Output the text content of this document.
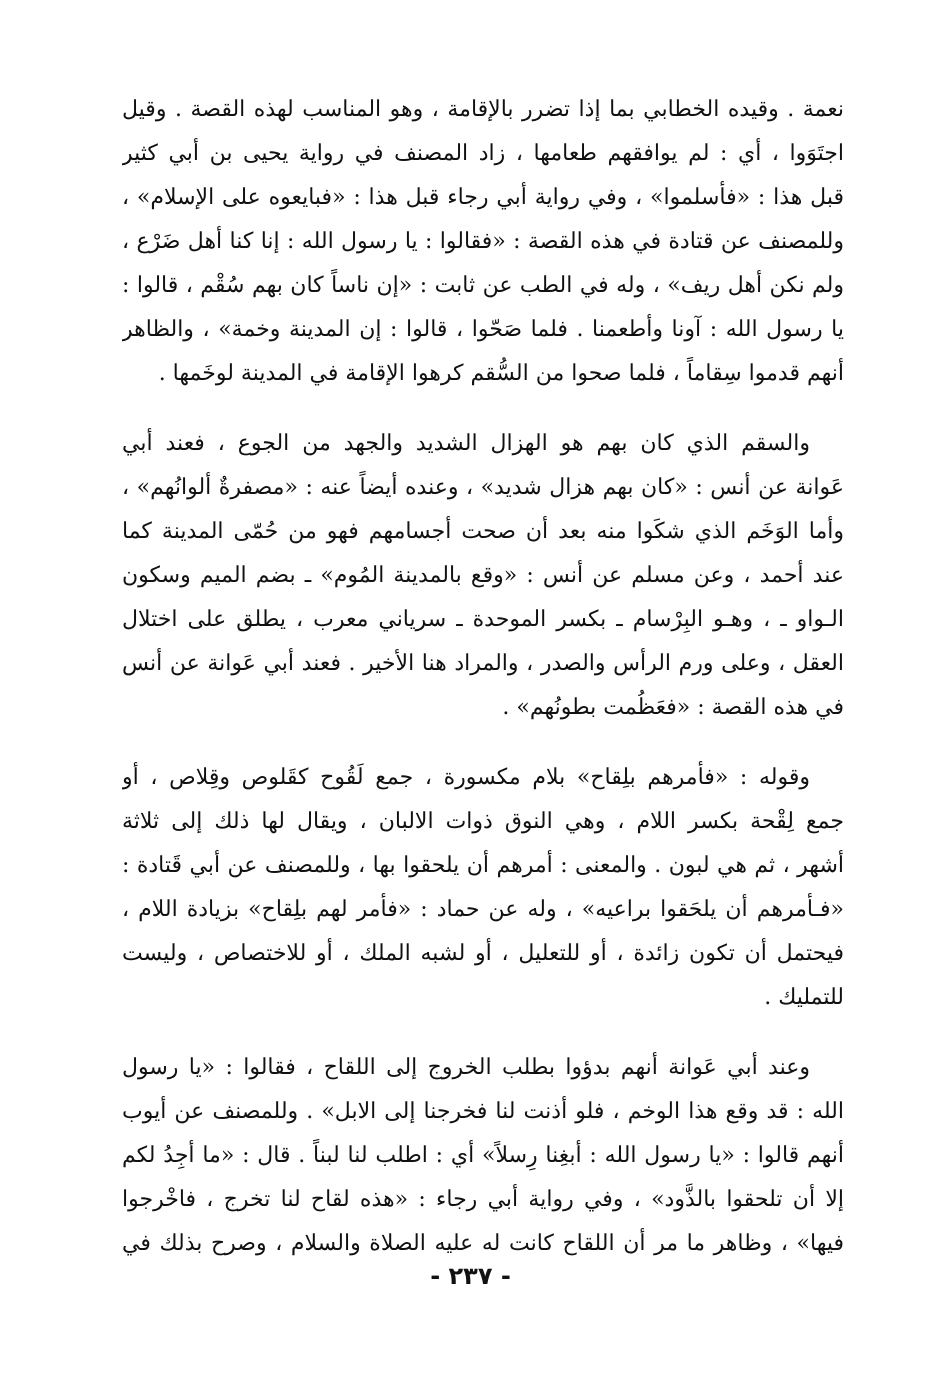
نعمة . وقيده الخطابي بما إذا تضرر بالإقامة ، وهو المناسب لهذه القصة . وقيل
اجتَوَوا ، أي : لم يوافقهم طعامها ، زاد المصنف في رواية يحيى بن أبي كثير
قبل هذا : «فأسلموا» ، وفي رواية أبي رجاء قبل هذا : «فبايعوه على الإسلام» ،
وللمصنف عن قتادة في هذه القصة : «فقالوا : يا رسول الله : إنا كنا أهل ضَرْع ،
ولم نكن أهل ريف» ، وله في الطب عن ثابت : «إن ناساً كان بهم سُقْم ، قالوا :
يا رسول الله : آونا وأطعمنا . فلما صَحّوا ، قالوا : إن المدينة وخمة» ، والظاهر
أنهم قدموا سِقاماً ، فلما صحوا من السُّقم كرهوا الإقامة في المدينة لوخَمها .
والسقم الذي كان بهم هو الهزال الشديد والجهد من الجوع ، فعند أبي
عَوانة عن أنس : «كان بهم هزال شديد» ، وعنده أيضاً عنه : «مصفرةٌ ألوانُهم» ،
وأما الوَخَم الذي شكَوا منه بعد أن صحت أجسامهم فهو من حُمّى المدينة كما
عند أحمد ، وعن مسلم عن أنس : «وقع بالمدينة المُوم» ـ بضم الميم وسكون
الـواو ـ ، وهـو البِرْسام ـ بكسر الموحدة ـ سرياني معرب ، يطلق على اختلال
العقل ، وعلى ورم الرأس والصدر ، والمراد هنا الأخير . فعند أبي عَوانة عن أنس
في هذه القصة : «فعَظُمت بطونُهم» .
وقوله : «فأمرهم بلِقاح» بلام مكسورة ، جمع لَقُوح كقَلوص وقِلاص ، أو
جمع لِقْحة بكسر اللام ، وهي النوق ذوات الالبان ، ويقال لها ذلك إلى ثلاثة
أشهر ، ثم هي لبون . والمعنى : أمرهم أن يلحقوا بها ، وللمصنف عن أبي قَتادة :
«فـأمرهم أن يلحَقوا براعيه» ، وله عن حماد : «فأمر لهم بلِقاح» بزيادة اللام ،
فيحتمل أن تكون زائدة ، أو للتعليل ، أو لشبه الملك ، أو للاختصاص ، وليست
للتمليك .
وعند أبي عَوانة أنهم بدؤوا بطلب الخروج إلى اللقاح ، فقالوا : «يا رسول
الله : قد وقع هذا الوخم ، فلو أذنت لنا فخرجنا إلى الابل» . وللمصنف عن أيوب
أنهم قالوا : «يا رسول الله : أبغِنا رِسلاً» أي : اطلب لنا لبناً . قال : «ما أجِدُ لكم
إلا أن تلحقوا بالذَّود» ، وفي رواية أبي رجاء : «هذه لقاح لنا تخرج ، فاخْرجوا
فيها» ، وظاهر ما مر أن اللقاح كانت له عليه الصلاة والسلام ، وصرح بذلك في
- ٢٣٧ -
